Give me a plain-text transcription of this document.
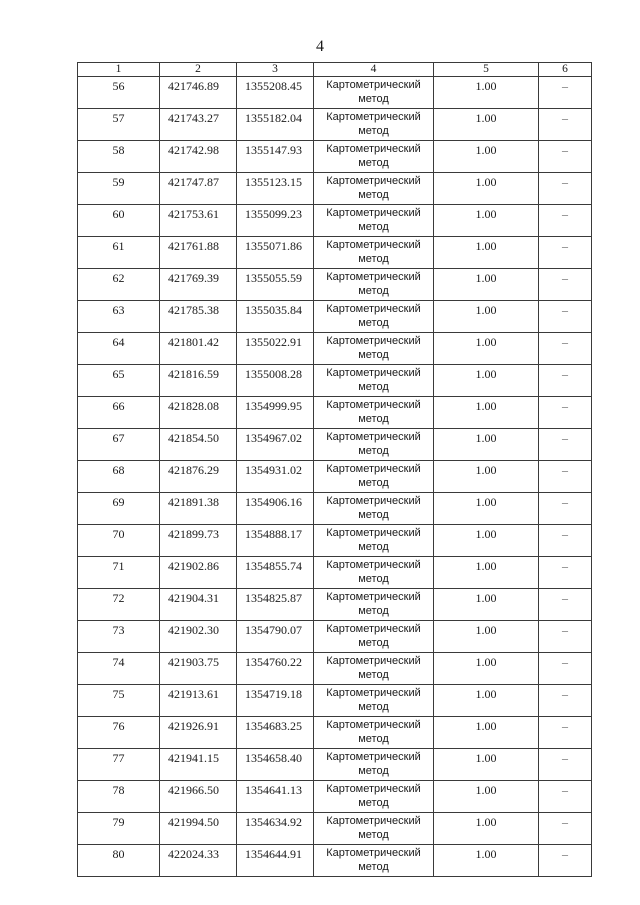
4
1	2	3	4	5	6
56	421746.89	1355208.45	Картометрический метод	1.00	–
57	421743.27	1355182.04	Картометрический метод	1.00	–
58	421742.98	1355147.93	Картометрический метод	1.00	–
59	421747.87	1355123.15	Картометрический метод	1.00	–
60	421753.61	1355099.23	Картометрический метод	1.00	–
61	421761.88	1355071.86	Картометрический метод	1.00	–
62	421769.39	1355055.59	Картометрический метод	1.00	–
63	421785.38	1355035.84	Картометрический метод	1.00	–
64	421801.42	1355022.91	Картометрический метод	1.00	–
65	421816.59	1355008.28	Картометрический метод	1.00	–
66	421828.08	1354999.95	Картометрический метод	1.00	–
67	421854.50	1354967.02	Картометрический метод	1.00	–
68	421876.29	1354931.02	Картометрический метод	1.00	–
69	421891.38	1354906.16	Картометрический метод	1.00	–
70	421899.73	1354888.17	Картометрический метод	1.00	–
71	421902.86	1354855.74	Картометрический метод	1.00	–
72	421904.31	1354825.87	Картометрический метод	1.00	–
73	421902.30	1354790.07	Картометрический метод	1.00	–
74	421903.75	1354760.22	Картометрический метод	1.00	–
75	421913.61	1354719.18	Картометрический метод	1.00	–
76	421926.91	1354683.25	Картометрический метод	1.00	–
77	421941.15	1354658.40	Картометрический метод	1.00	–
78	421966.50	1354641.13	Картометрический метод	1.00	–
79	421994.50	1354634.92	Картометрический метод	1.00	–
80	422024.33	1354644.91	Картометрический метод	1.00	–
